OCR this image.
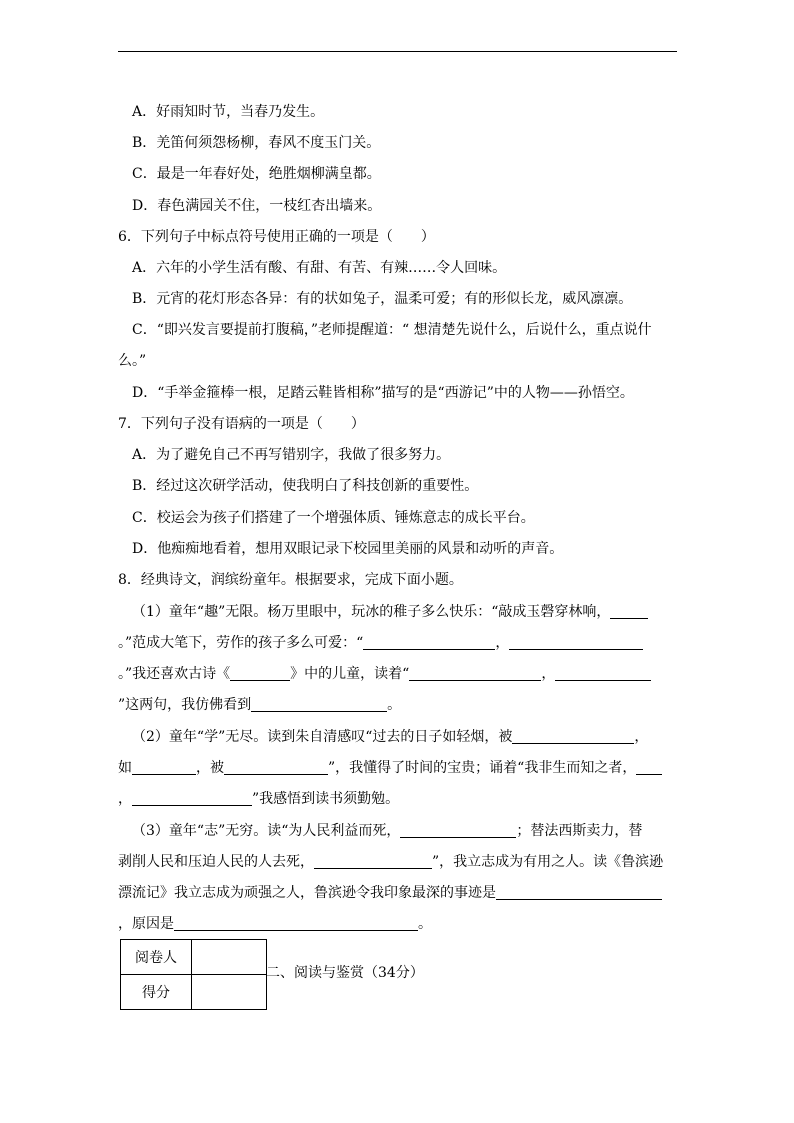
A．好雨知时节，当春乃发生。
B．羌笛何须怨杨柳，春风不度玉门关。
C．最是一年春好处，绝胜烟柳满皇都。
D．春色满园关不住，一枝红杏出墙来。
6．下列句子中标点符号使用正确的一项是（　　）
A．六年的小学生活有酸、有甜、有苦、有辣……令人回味。
B．元宵的花灯形态各异：有的状如兔子，温柔可爱；有的形似长龙，威风凛凛。
C．“即兴发言要提前打腹稿，”老师提醒道：“ 想清楚先说什么，后说什么，重点说什
么。”
D．“手举金箍棒一根，足踏云鞋皆相称”描写的是“西游记”中的人物——孙悟空。
7．下列句子没有语病的一项是（　　）
A．为了避免自己不再写错别字，我做了很多努力。
B．经过这次研学活动，使我明白了科技创新的重要性。
C．校运会为孩子们搭建了一个增强体质、锤炼意志的成长平台。
D．他痴痴地看着，想用双眼记录下校园里美丽的风景和动听的声音。
8．经典诗文，润缤纷童年。根据要求，完成下面小题。
（1）童年“趣”无限。杨万里眼中，玩冰的稚子多么快乐：“敲成玉磬穿林响，
。”范成大笔下，劳作的孩子多么可爱：“	，
。”我还喜欢古诗《	》中的儿童，读着“	，
”这两句，我仿佛看到	。
（2）童年“学”无尽。读到朱自清感叹“过去的日子如轻烟，被	，
如	，被	”，我懂得了时间的宝贵；诵着“我非生而知之者，
，	”我感悟到读书须勤勉。
（3）童年“志”无穷。读“为人民利益而死，	；替法西斯卖力，替
剥削人民和压迫人民的人去死，	”，我立志成为有用之人。读《鲁滨逊
漂流记》我立志成为顽强之人，鲁滨逊令我印象最深的事迹是
，原因是	。
阅卷人	
得分	
二、阅读与鉴赏（34分）
